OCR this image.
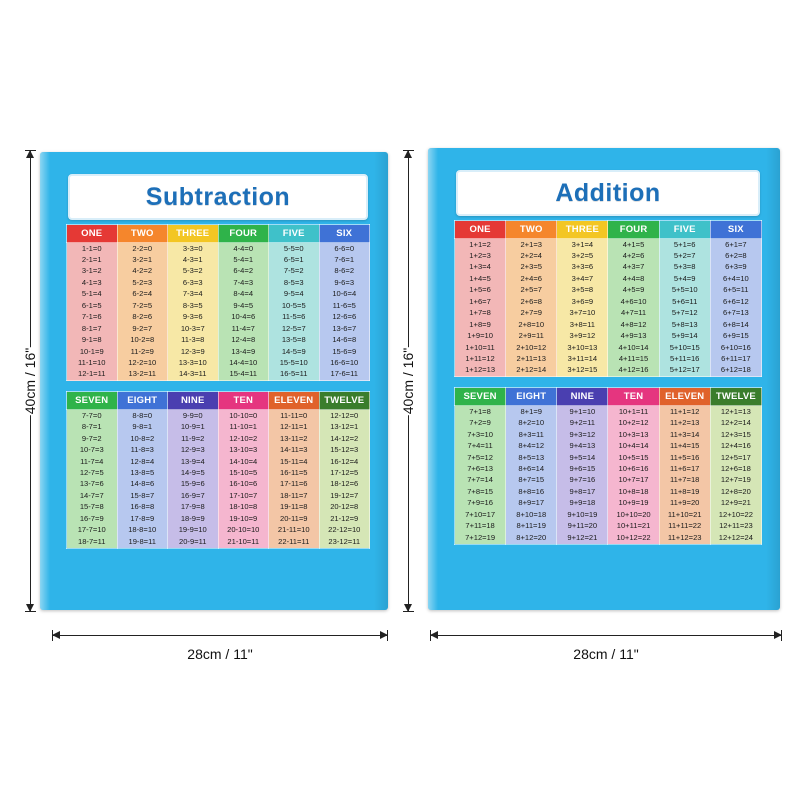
40cm / 16"	40cm / 16"
28cm / 11"	28cm / 11"
Subtraction
ONE	TWO	THREE	FOUR	FIVE	SIX
1-1=0	2-2=0	3-3=0	4-4=0	5-5=0	6-6=0
2-1=1	3-2=1	4-3=1	5-4=1	6-5=1	7-6=1
3-1=2	4-2=2	5-3=2	6-4=2	7-5=2	8-6=2
4-1=3	5-2=3	6-3=3	7-4=3	8-5=3	9-6=3
5-1=4	6-2=4	7-3=4	8-4=4	9-5=4	10-6=4
6-1=5	7-2=5	8-3=5	9-4=5	10-5=5	11-6=5
7-1=6	8-2=6	9-3=6	10-4=6	11-5=6	12-6=6
8-1=7	9-2=7	10-3=7	11-4=7	12-5=7	13-6=7
9-1=8	10-2=8	11-3=8	12-4=8	13-5=8	14-6=8
10-1=9	11-2=9	12-3=9	13-4=9	14-5=9	15-6=9
11-1=10	12-2=10	13-3=10	14-4=10	15-5=10	16-6=10
12-1=11	13-2=11	14-3=11	15-4=11	16-5=11	17-6=11
SEVEN	EIGHT	NINE	TEN	ELEVEN	TWELVE
7-7=0	8-8=0	9-9=0	10-10=0	11-11=0	12-12=0
8-7=1	9-8=1	10-9=1	11-10=1	12-11=1	13-12=1
9-7=2	10-8=2	11-9=2	12-10=2	13-11=2	14-12=2
10-7=3	11-8=3	12-9=3	13-10=3	14-11=3	15-12=3
11-7=4	12-8=4	13-9=4	14-10=4	15-11=4	16-12=4
12-7=5	13-8=5	14-9=5	15-10=5	16-11=5	17-12=5
13-7=6	14-8=6	15-9=6	16-10=6	17-11=6	18-12=6
14-7=7	15-8=7	16-9=7	17-10=7	18-11=7	19-12=7
15-7=8	16-8=8	17-9=8	18-10=8	19-11=8	20-12=8
16-7=9	17-8=9	18-9=9	19-10=9	20-11=9	21-12=9
17-7=10	18-8=10	19-9=10	20-10=10	21-11=10	22-12=10
18-7=11	19-8=11	20-9=11	21-10=11	22-11=11	23-12=11
Addition
ONE	TWO	THREE	FOUR	FIVE	SIX
1+1=2	2+1=3	3+1=4	4+1=5	5+1=6	6+1=7
1+2=3	2+2=4	3+2=5	4+2=6	5+2=7	6+2=8
1+3=4	2+3=5	3+3=6	4+3=7	5+3=8	6+3=9
1+4=5	2+4=6	3+4=7	4+4=8	5+4=9	6+4=10
1+5=6	2+5=7	3+5=8	4+5=9	5+5=10	6+5=11
1+6=7	2+6=8	3+6=9	4+6=10	5+6=11	6+6=12
1+7=8	2+7=9	3+7=10	4+7=11	5+7=12	6+7=13
1+8=9	2+8=10	3+8=11	4+8=12	5+8=13	6+8=14
1+9=10	2+9=11	3+9=12	4+9=13	5+9=14	6+9=15
1+10=11	2+10=12	3+10=13	4+10=14	5+10=15	6+10=16
1+11=12	2+11=13	3+11=14	4+11=15	5+11=16	6+11=17
1+12=13	2+12=14	3+12=15	4+12=16	5+12=17	6+12=18
SEVEN	EIGHT	NINE	TEN	ELEVEN	TWELVE
7+1=8	8+1=9	9+1=10	10+1=11	11+1=12	12+1=13
7+2=9	8+2=10	9+2=11	10+2=12	11+2=13	12+2=14
7+3=10	8+3=11	9+3=12	10+3=13	11+3=14	12+3=15
7+4=11	8+4=12	9+4=13	10+4=14	11+4=15	12+4=16
7+5=12	8+5=13	9+5=14	10+5=15	11+5=16	12+5=17
7+6=13	8+6=14	9+6=15	10+6=16	11+6=17	12+6=18
7+7=14	8+7=15	9+7=16	10+7=17	11+7=18	12+7=19
7+8=15	8+8=16	9+8=17	10+8=18	11+8=19	12+8=20
7+9=16	8+9=17	9+9=18	10+9=19	11+9=20	12+9=21
7+10=17	8+10=18	9+10=19	10+10=20	11+10=21	12+10=22
7+11=18	8+11=19	9+11=20	10+11=21	11+11=22	12+11=23
7+12=19	8+12=20	9+12=21	10+12=22	11+12=23	12+12=24
